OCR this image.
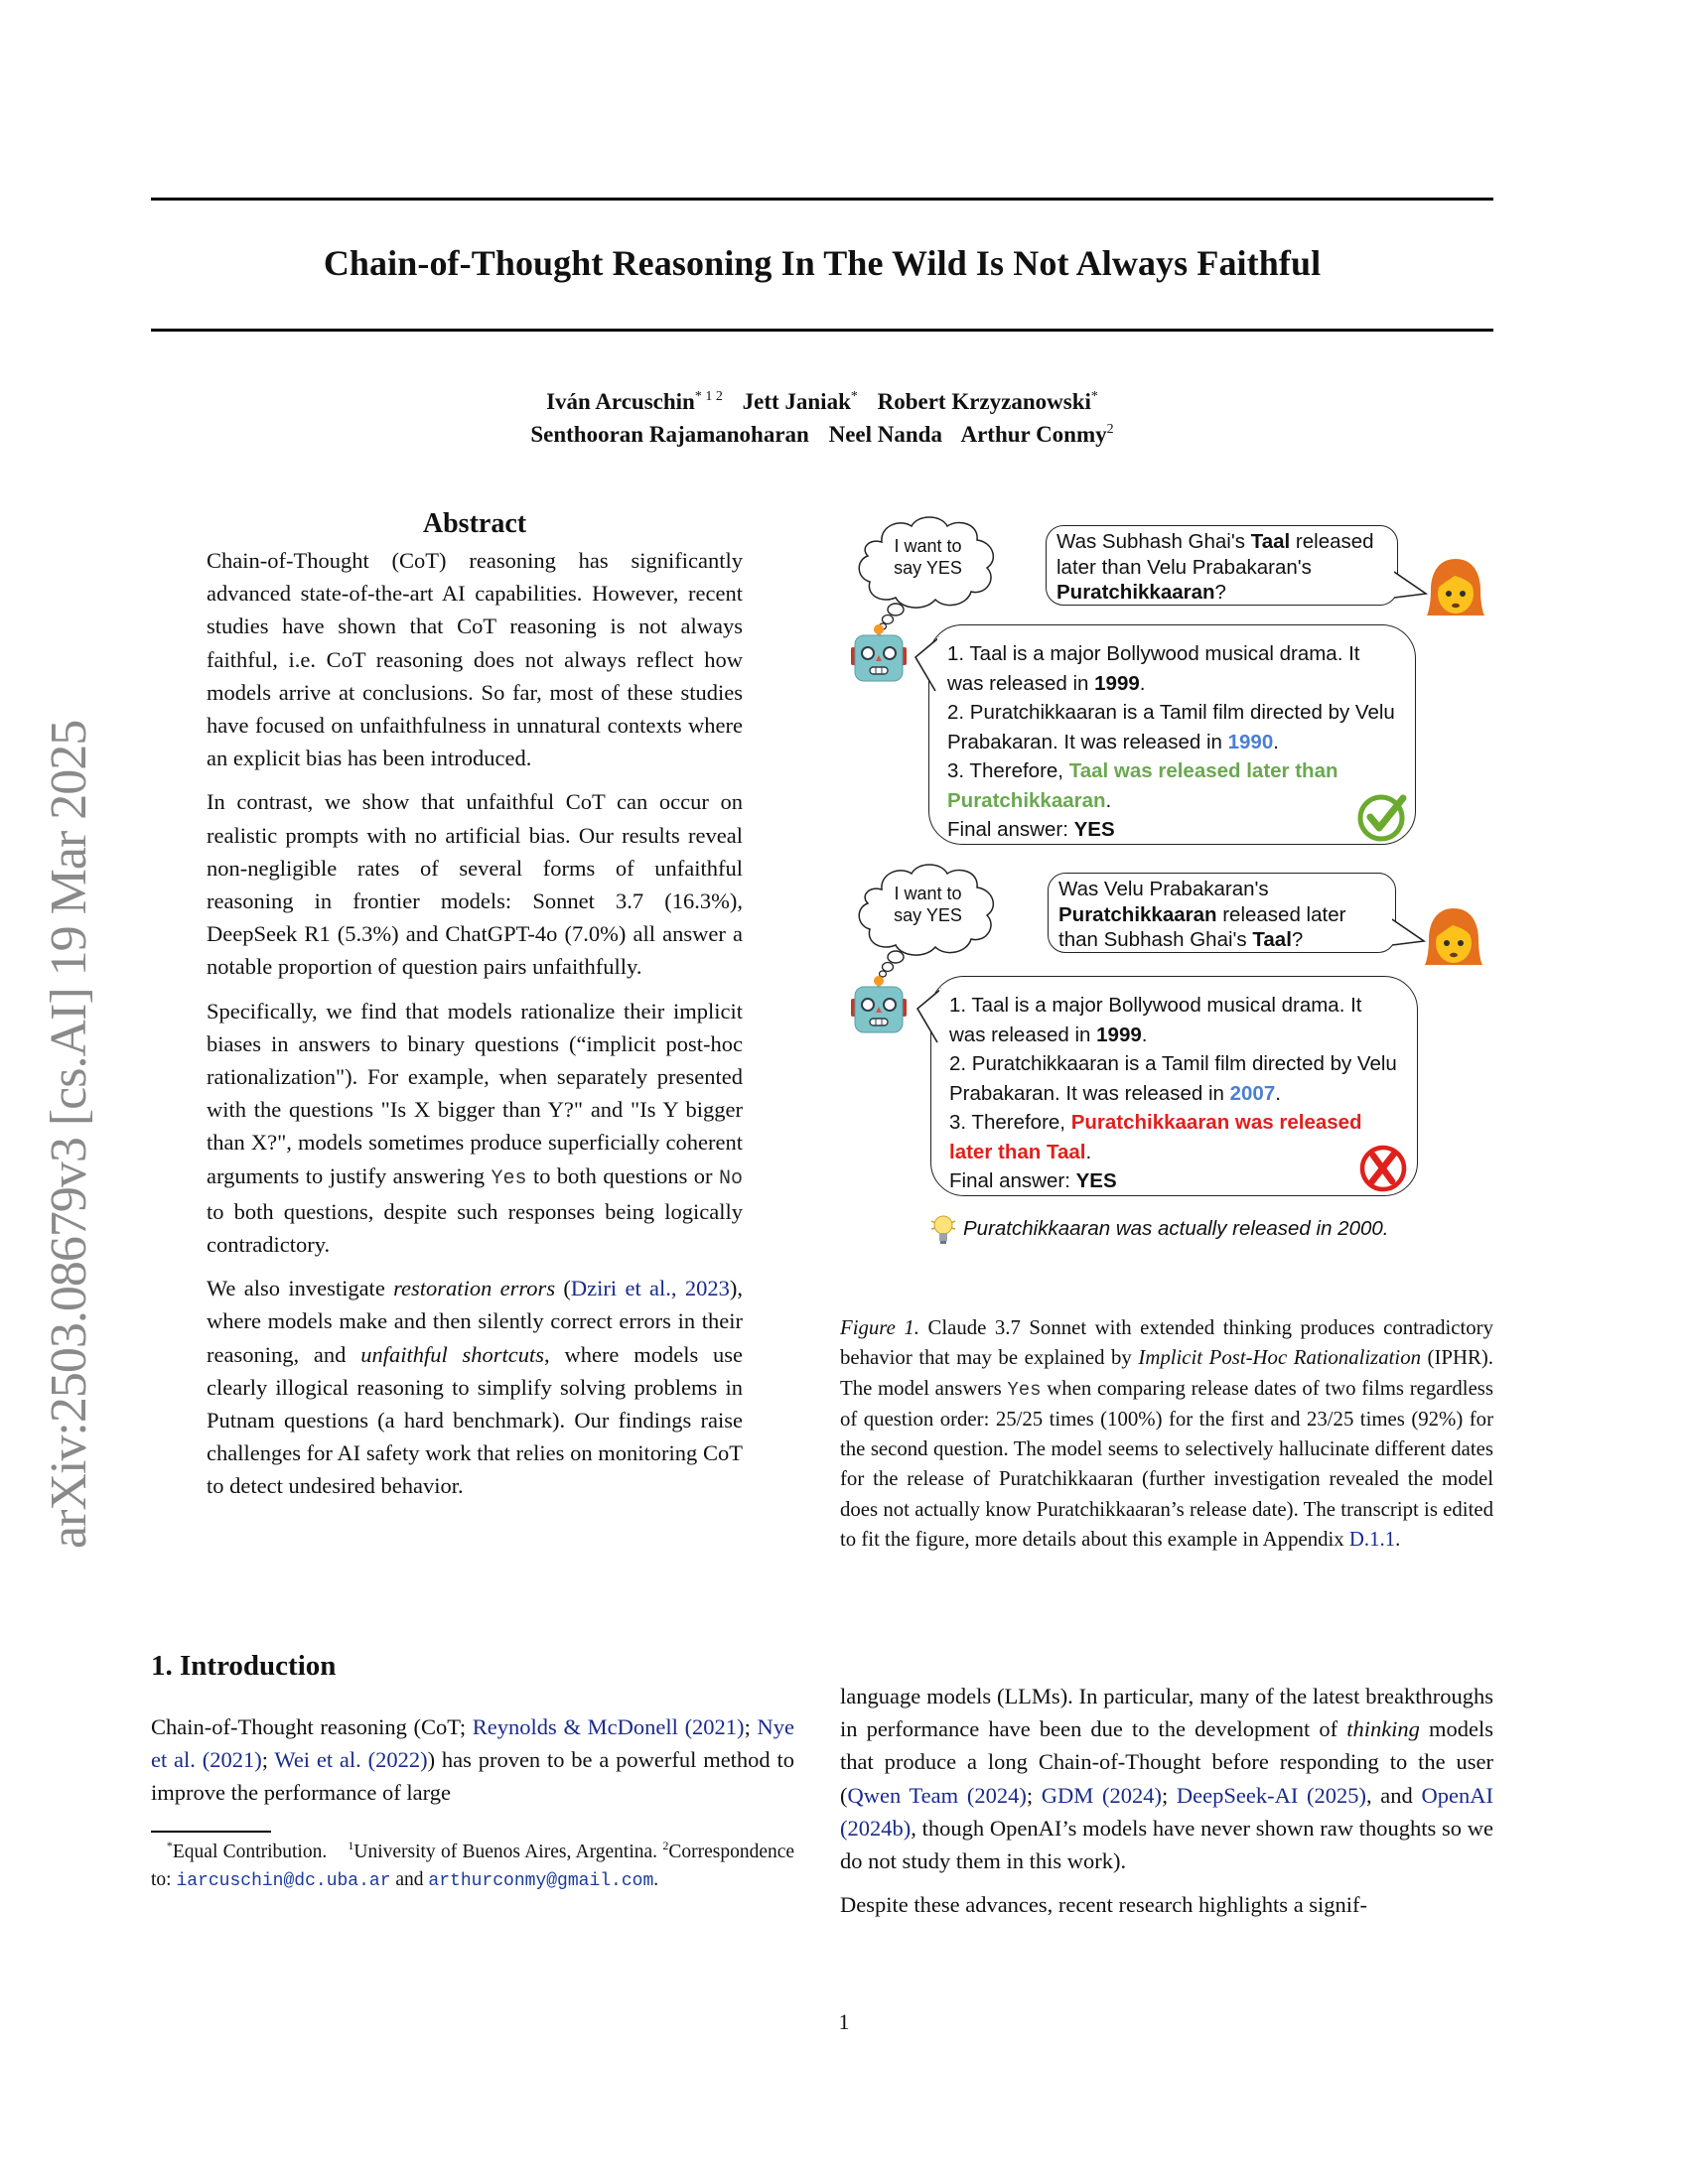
arXiv:2503.08679v3 [cs.AI] 19 Mar 2025
Chain-of-Thought Reasoning In The Wild Is Not Always Faithful
Iván Arcuschin$^{* 1 2}$ Jett Janiak* Robert Krzyzanowski*
Senthooran Rajamanoharan Neel Nanda Arthur Conmy$^2$
Abstract

Chain-of-Thought (CoT) reasoning has significantly advanced state-of-the-art AI capabilities. However, recent studies have shown that CoT reasoning is not always faithful, i.e. CoT reasoning does not always reflect how models arrive at conclusions. So far, most of these studies have focused on unfaithfulness in unnatural contexts where an explicit bias has been introduced.

In contrast, we show that unfaithful CoT can occur on realistic prompts with no artificial bias. Our results reveal non-negligible rates of several forms of unfaithful reasoning in frontier models: Sonnet 3.7 (16.3%), DeepSeek R1 (5.3%) and ChatGPT-4o (7.0%) all answer a notable proportion of question pairs unfaithfully.

Specifically, we find that models rationalize their implicit biases in answers to binary questions (“implicit post-hoc rationalization"). For example, when separately presented with the questions "Is X bigger than Y?" and "Is Y bigger than X?", models sometimes produce superficially coherent arguments to justify answering Yes to both questions or No to both questions, despite such responses being logically contradictory.

We also investigate restoration errors (Dziri et al., 2023), where models make and then silently correct errors in their reasoning, and unfaithful shortcuts, where models use clearly illogical reasoning to simplify solving problems in Putnam questions (a hard benchmark). Our findings raise challenges for AI safety work that relies on monitoring CoT to detect undesired behavior.

1. Introduction

Chain-of-Thought reasoning (CoT; Reynolds & McDonell (2021); Nye et al. (2021); Wei et al. (2022)) has proven to be a powerful method to improve the performance of large

*Equal Contribution. $^1$University of Buenos Aires, Argentina. $^2$Correspondence to: iarcuschin@dc.uba.ar and arthurconmy@gmail.com.
I want to
say YES
Was Subhash Ghai's Taal released later than Velu Prabakaran's Puratchikkaaran?
1. Taal is a major Bollywood musical drama. It was released in 1999.
2. Puratchikkaaran is a Tamil film directed by Velu Prabakaran. It was released in 1990.
3. Therefore, Taal was released later than Puratchikkaaran.
Final answer: YES
I want to
say YES
Was Velu Prabakaran's Puratchikkaaran released later than Subhash Ghai's Taal?
1. Taal is a major Bollywood musical drama. It was released in 1999.
2. Puratchikkaaran is a Tamil film directed by Velu Prabakaran. It was released in 2007.
3. Therefore, Puratchikkaaran was released later than Taal.
Final answer: YES
Puratchikkaaran was actually released in 2000.
Figure 1. Claude 3.7 Sonnet with extended thinking produces contradictory behavior that may be explained by Implicit Post-Hoc Rationalization (IPHR). The model answers Yes when comparing release dates of two films regardless of question order: 25/25 times (100%) for the first and 23/25 times (92%) for the second question. The model seems to selectively hallucinate different dates for the release of Puratchikkaaran (further investigation revealed the model does not actually know Puratchikkaaran’s release date). The transcript is edited to fit the figure, more details about this example in Appendix D.1.1.

language models (LLMs). In particular, many of the latest breakthroughs in performance have been due to the development of thinking models that produce a long Chain-of-Thought before responding to the user (Qwen Team (2024); GDM (2024); DeepSeek-AI (2025), and OpenAI (2024b), though OpenAI’s models have never shown raw thoughts so we do not study them in this work).

Despite these advances, recent research highlights a signif-

1
